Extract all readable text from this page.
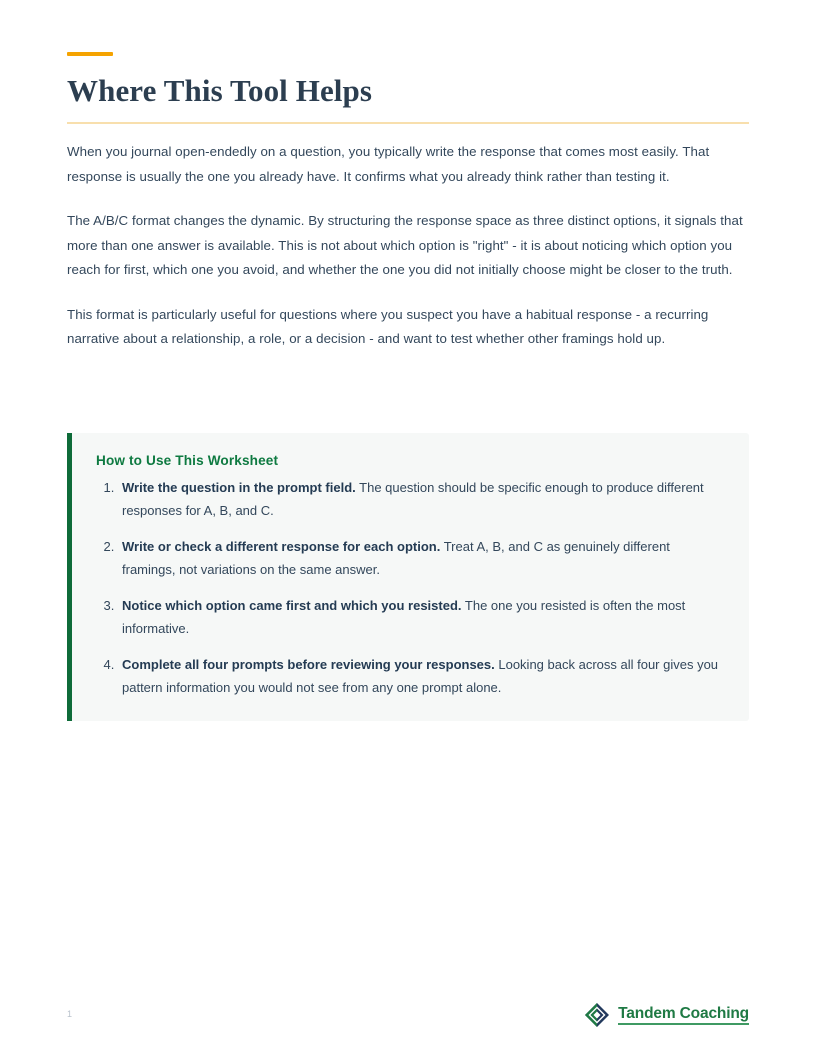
Where This Tool Helps

When you journal open-endedly on a question, you typically write the response that comes most easily. That response is usually the one you already have. It confirms what you already think rather than testing it.

The A/B/C format changes the dynamic. By structuring the response space as three distinct options, it signals that more than one answer is available. This is not about which option is "right" - it is about noticing which option you reach for first, which one you avoid, and whether the one you did not initially choose might be closer to the truth.

This format is particularly useful for questions where you suspect you have a habitual response - a recurring narrative about a relationship, a role, or a decision - and want to test whether other framings hold up.

How to Use This Worksheet
1. Write the question in the prompt field. The question should be specific enough to produce different responses for A, B, and C.
2. Write or check a different response for each option. Treat A, B, and C as genuinely different framings, not variations on the same answer.
3. Notice which option came first and which you resisted. The one you resisted is often the most informative.
4. Complete all four prompts before reviewing your responses. Looking back across all four gives you pattern information you would not see from any one prompt alone.
1	Tandem Coaching
